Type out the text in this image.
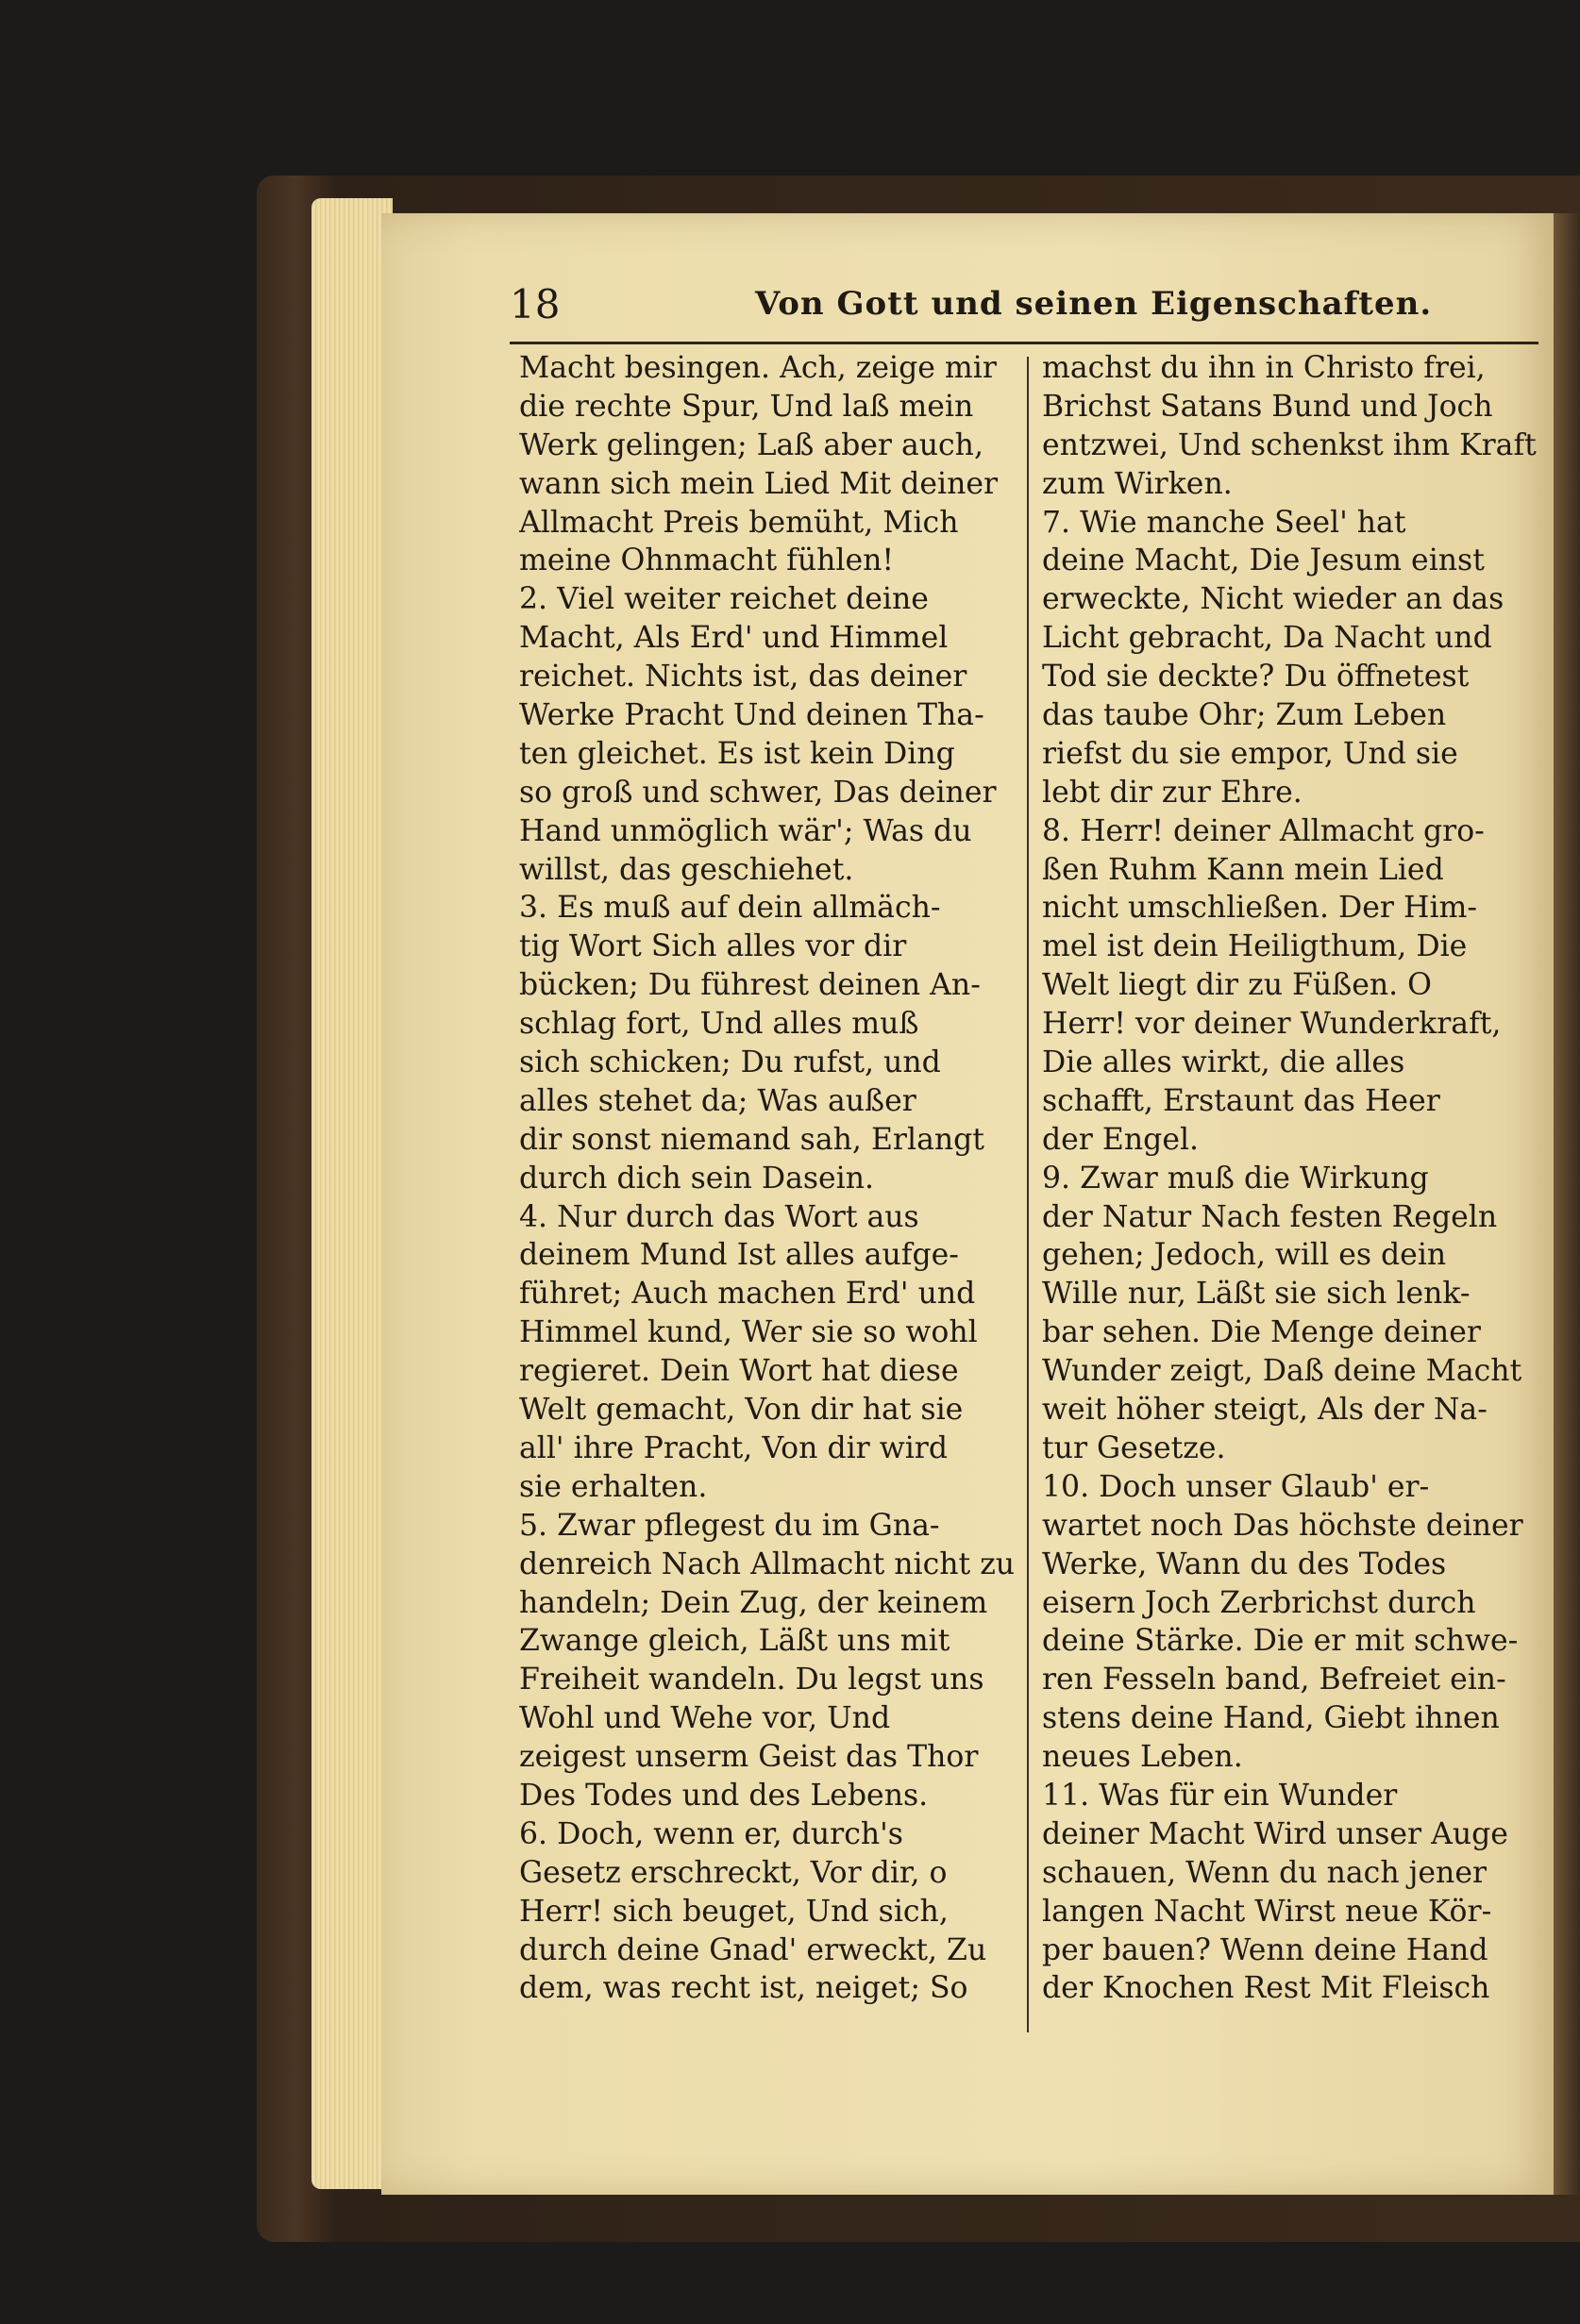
18	Von Gott und seinen Eigenschaften.
Macht besingen. Ach, zeige mir
die rechte Spur, Und laß mein
Werk gelingen; Laß aber auch,
wann sich mein Lied Mit deiner
Allmacht Preis bemüht, Mich
meine Ohnmacht fühlen!
2. Viel weiter reichet deine
Macht, Als Erd' und Himmel
reichet. Nichts ist, das deiner
Werke Pracht Und deinen Tha-
ten gleichet. Es ist kein Ding
so groß und schwer, Das deiner
Hand unmöglich wär'; Was du
willst, das geschiehet.
3. Es muß auf dein allmäch-
tig Wort Sich alles vor dir
bücken; Du führest deinen An-
schlag fort, Und alles muß
sich schicken; Du rufst, und
alles stehet da; Was außer
dir sonst niemand sah, Erlangt
durch dich sein Dasein.
4. Nur durch das Wort aus
deinem Mund Ist alles aufge-
führet; Auch machen Erd' und
Himmel kund, Wer sie so wohl
regieret. Dein Wort hat diese
Welt gemacht, Von dir hat sie
all' ihre Pracht, Von dir wird
sie erhalten.
5. Zwar pflegest du im Gna-
denreich Nach Allmacht nicht zu
handeln; Dein Zug, der keinem
Zwange gleich, Läßt uns mit
Freiheit wandeln. Du legst uns
Wohl und Wehe vor, Und
zeigest unserm Geist das Thor
Des Todes und des Lebens.
6. Doch, wenn er, durch's
Gesetz erschreckt, Vor dir, o
Herr! sich beuget, Und sich,
durch deine Gnad' erweckt, Zu
dem, was recht ist, neiget; So
machst du ihn in Christo frei,
Brichst Satans Bund und Joch
entzwei, Und schenkst ihm Kraft
zum Wirken.
7. Wie manche Seel' hat
deine Macht, Die Jesum einst
erweckte, Nicht wieder an das
Licht gebracht, Da Nacht und
Tod sie deckte? Du öffnetest
das taube Ohr; Zum Leben
riefst du sie empor, Und sie
lebt dir zur Ehre.
8. Herr! deiner Allmacht gro-
ßen Ruhm Kann mein Lied
nicht umschließen. Der Him-
mel ist dein Heiligthum, Die
Welt liegt dir zu Füßen. O
Herr! vor deiner Wunderkraft,
Die alles wirkt, die alles
schafft, Erstaunt das Heer
der Engel.
9. Zwar muß die Wirkung
der Natur Nach festen Regeln
gehen; Jedoch, will es dein
Wille nur, Läßt sie sich lenk-
bar sehen. Die Menge deiner
Wunder zeigt, Daß deine Macht
weit höher steigt, Als der Na-
tur Gesetze.
10. Doch unser Glaub' er-
wartet noch Das höchste deiner
Werke, Wann du des Todes
eisern Joch Zerbrichst durch
deine Stärke. Die er mit schwe-
ren Fesseln band, Befreiet ein-
stens deine Hand, Giebt ihnen
neues Leben.
11. Was für ein Wunder
deiner Macht Wird unser Auge
schauen, Wenn du nach jener
langen Nacht Wirst neue Kör-
per bauen? Wenn deine Hand
der Knochen Rest Mit Fleisch
